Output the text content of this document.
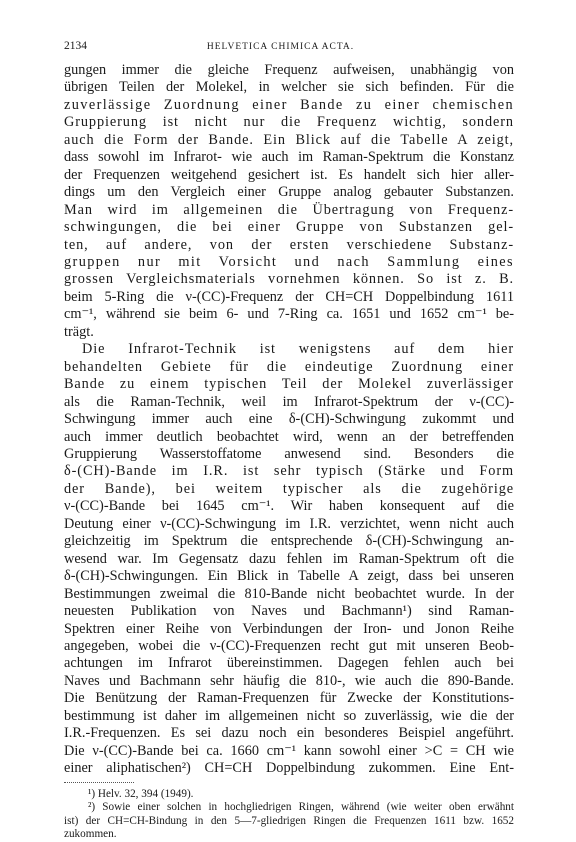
2134	HELVETICA CHIMICA ACTA.

gungen immer die gleiche Frequenz aufweisen, unabhängig von

übrigen Teilen der Molekel, in welcher sie sich befinden. Für die

zuverlässige Zuordnung einer Bande zu einer chemischen

Gruppierung ist nicht nur die Frequenz wichtig, sondern

auch die Form der Bande. Ein Blick auf die Tabelle A zeigt,

dass sowohl im Infrarot- wie auch im Raman-Spektrum die Konstanz

der Frequenzen weitgehend gesichert ist. Es handelt sich hier aller-

dings um den Vergleich einer Gruppe analog gebauter Substanzen.

Man wird im allgemeinen die Übertragung von Frequenz-

schwingungen, die bei einer Gruppe von Substanzen gel-

ten, auf andere, von der ersten verschiedene Substanz-

gruppen nur mit Vorsicht und nach Sammlung eines

grossen Vergleichsmaterials vornehmen können. So ist z. B.

beim 5-Ring die ν-(CC)-Frequenz der CH=CH Doppelbindung 1611

cm⁻¹, während sie beim 6- und 7-Ring ca. 1651 und 1652 cm⁻¹ be-

trägt.

Die Infrarot-Technik ist wenigstens auf dem hier

behandelten Gebiete für die eindeutige Zuordnung einer

Bande zu einem typischen Teil der Molekel zuverlässiger

als die Raman-Technik, weil im Infrarot-Spektrum der ν-(CC)-

Schwingung immer auch eine δ-(CH)-Schwingung zukommt und

auch immer deutlich beobachtet wird, wenn an der betreffenden

Gruppierung Wasserstoffatome anwesend sind. Besonders die

δ-(CH)-Bande im I.R. ist sehr typisch (Stärke und Form

der Bande), bei weitem typischer als die zugehörige

ν-(CC)-Bande bei 1645 cm⁻¹. Wir haben konsequent auf die

Deutung einer ν-(CC)-Schwingung im I.R. verzichtet, wenn nicht auch

gleichzeitig im Spektrum die entsprechende δ-(CH)-Schwingung an-

wesend war. Im Gegensatz dazu fehlen im Raman-Spektrum oft die

δ-(CH)-Schwingungen. Ein Blick in Tabelle A zeigt, dass bei unseren

Bestimmungen zweimal die 810-Bande nicht beobachtet wurde. In der

neuesten Publikation von Naves und Bachmann¹) sind Raman-

Spektren einer Reihe von Verbindungen der Iron- und Jonon Reihe

angegeben, wobei die ν-(CC)-Frequenzen recht gut mit unseren Beob-

achtungen im Infrarot übereinstimmen. Dagegen fehlen auch bei

Naves und Bachmann sehr häufig die 810-, wie auch die 890-Bande.

Die Benützung der Raman-Frequenzen für Zwecke der Konstitutions-

bestimmung ist daher im allgemeinen nicht so zuverlässig, wie die der

I.R.-Frequenzen. Es sei dazu noch ein besonderes Beispiel angeführt.

Die ν-(CC)-Bande bei ca. 1660 cm⁻¹ kann sowohl einer >C = CH wie

einer aliphatischen²) CH=CH Doppelbindung zukommen. Eine Ent-

¹) Helv. 32, 394 (1949).

²) Sowie einer solchen in hochgliedrigen Ringen, während (wie weiter oben erwähnt

ist) der CH=CH-Bindung in den 5—7-gliedrigen Ringen die Frequenzen 1611 bzw. 1652

zukommen.
